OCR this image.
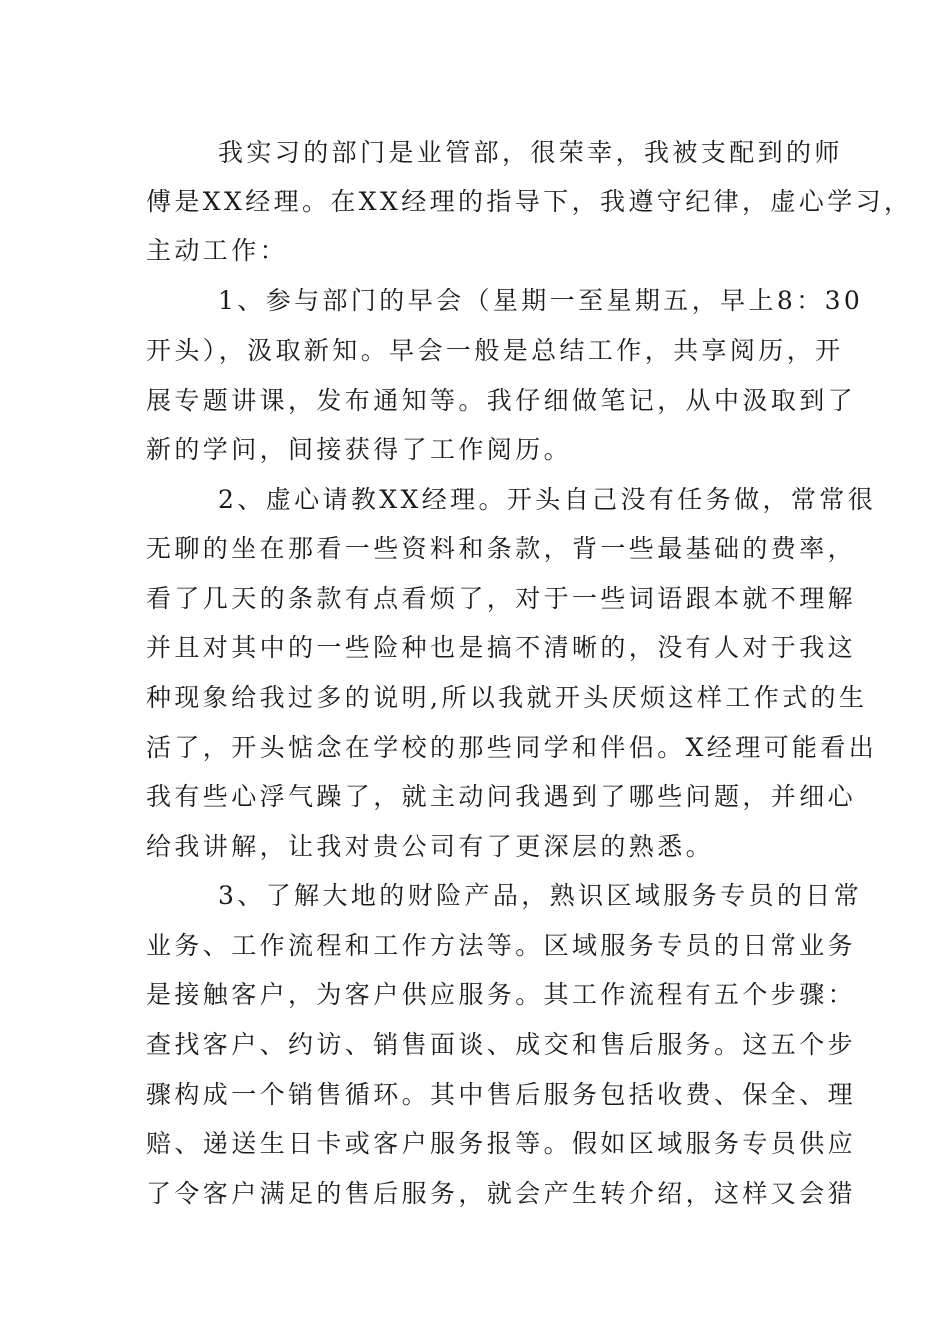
我实习的部门是业管部，很荣幸，我被支配到的师

傅是XX经理。在XX经理的指导下，我遵守纪律，虚心学习，

主动工作：

1、参与部门的早会（星期一至星期五，早上8：30

开头），汲取新知。早会一般是总结工作，共享阅历，开

展专题讲课，发布通知等。我仔细做笔记，从中汲取到了

新的学问，间接获得了工作阅历。

2、虚心请教XX经理。开头自己没有任务做，常常很

无聊的坐在那看一些资料和条款，背一些最基础的费率，

看了几天的条款有点看烦了，对于一些词语跟本就不理解

并且对其中的一些险种也是搞不清晰的，没有人对于我这

种现象给我过多的说明,所以我就开头厌烦这样工作式的生

活了，开头惦念在学校的那些同学和伴侣。X经理可能看出

我有些心浮气躁了，就主动问我遇到了哪些问题，并细心

给我讲解，让我对贵公司有了更深层的熟悉。

3、了解大地的财险产品，熟识区域服务专员的日常

业务、工作流程和工作方法等。区域服务专员的日常业务

是接触客户，为客户供应服务。其工作流程有五个步骤：

查找客户、约访、销售面谈、成交和售后服务。这五个步

骤构成一个销售循环。其中售后服务包括收费、保全、理

赔、递送生日卡或客户服务报等。假如区域服务专员供应

了令客户满足的售后服务，就会产生转介绍，这样又会猎
